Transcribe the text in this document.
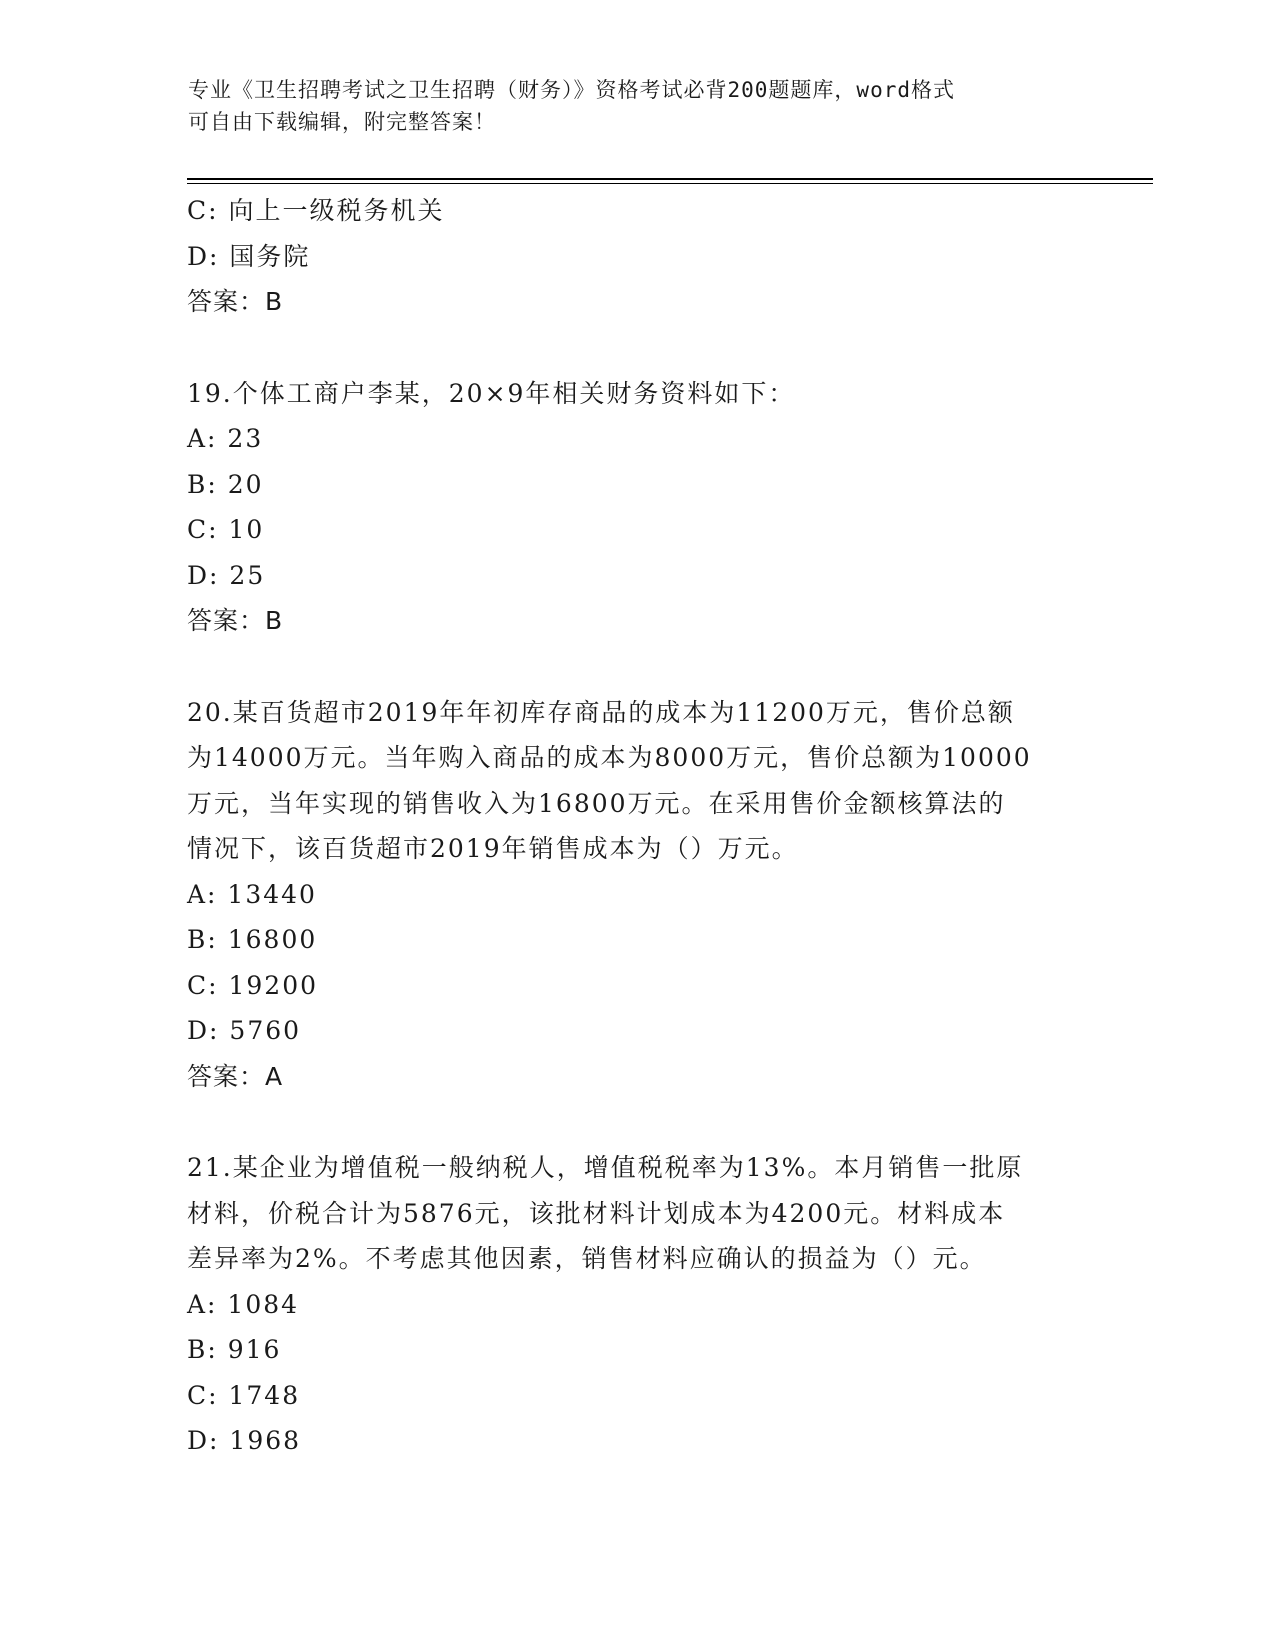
专业《卫生招聘考试之卫生招聘（财务）》资格考试必背200题题库，word格式
可自由下载编辑，附完整答案！
C: 向上一级税务机关
D: 国务院
答案：B
19.个体工商户李某，20×9年相关财务资料如下：
A: 23
B: 20
C: 10
D: 25
答案：B
20.某百货超市2019年年初库存商品的成本为11200万元，售价总额
为14000万元。当年购入商品的成本为8000万元，售价总额为10000
万元，当年实现的销售收入为16800万元。在采用售价金额核算法的
情况下，该百货超市2019年销售成本为（）万元。
A: 13440
B: 16800
C: 19200
D: 5760
答案：A
21.某企业为增值税一般纳税人，增值税税率为13%。本月销售一批原
材料，价税合计为5876元，该批材料计划成本为4200元。材料成本
差异率为2%。不考虑其他因素，销售材料应确认的损益为（）元。
A: 1084
B: 916
C: 1748
D: 1968
